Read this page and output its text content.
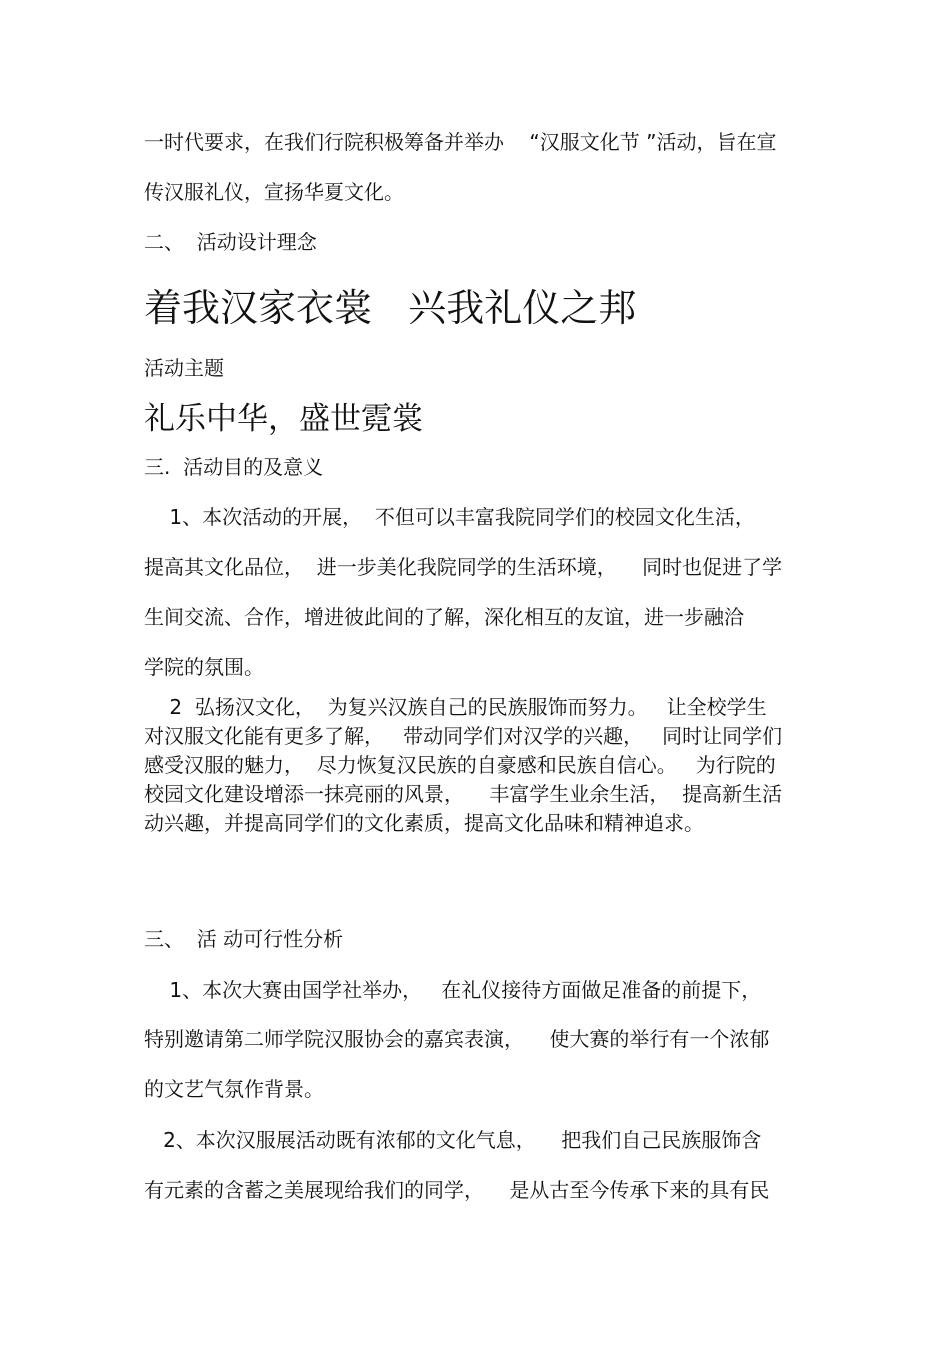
一时代要求，在我们行院积极筹备并举办    “汉服文化节 ”活动，旨在宣

传汉服礼仪，宣扬华夏文化。

二、  活动设计理念

着我汉家衣裳   兴我礼仪之邦

活动主题

礼乐中华，盛世霓裳

三.  活动目的及意义

1、本次活动的开展，  不但可以丰富我院同学们的校园文化生活，

提高其文化品位，  进一步美化我院同学的生活环境，    同时也促进了学

生间交流、合作，增进彼此间的了解，深化相互的友谊，进一步融洽

学院的氛围。

2  弘扬汉文化，  为复兴汉族自己的民族服饰而努力。   让全校学生

对汉服文化能有更多了解，   带动同学们对汉学的兴趣，   同时让同学们

感受汉服的魅力，  尽力恢复汉民族的自豪感和民族自信心。   为行院的

校园文化建设增添一抹亮丽的风景，    丰富学生业余生活，  提高新生活

动兴趣，并提高同学们的文化素质，提高文化品味和精神追求。

三、  活 动可行性分析

1、本次大赛由国学社举办，   在礼仪接待方面做足准备的前提下，

特别邀请第二师学院汉服协会的嘉宾表演，    使大赛的举行有一个浓郁

的文艺气氛作背景。

2、本次汉服展活动既有浓郁的文化气息，    把我们自己民族服饰含

有元素的含蓄之美展现给我们的同学，    是从古至今传承下来的具有民
